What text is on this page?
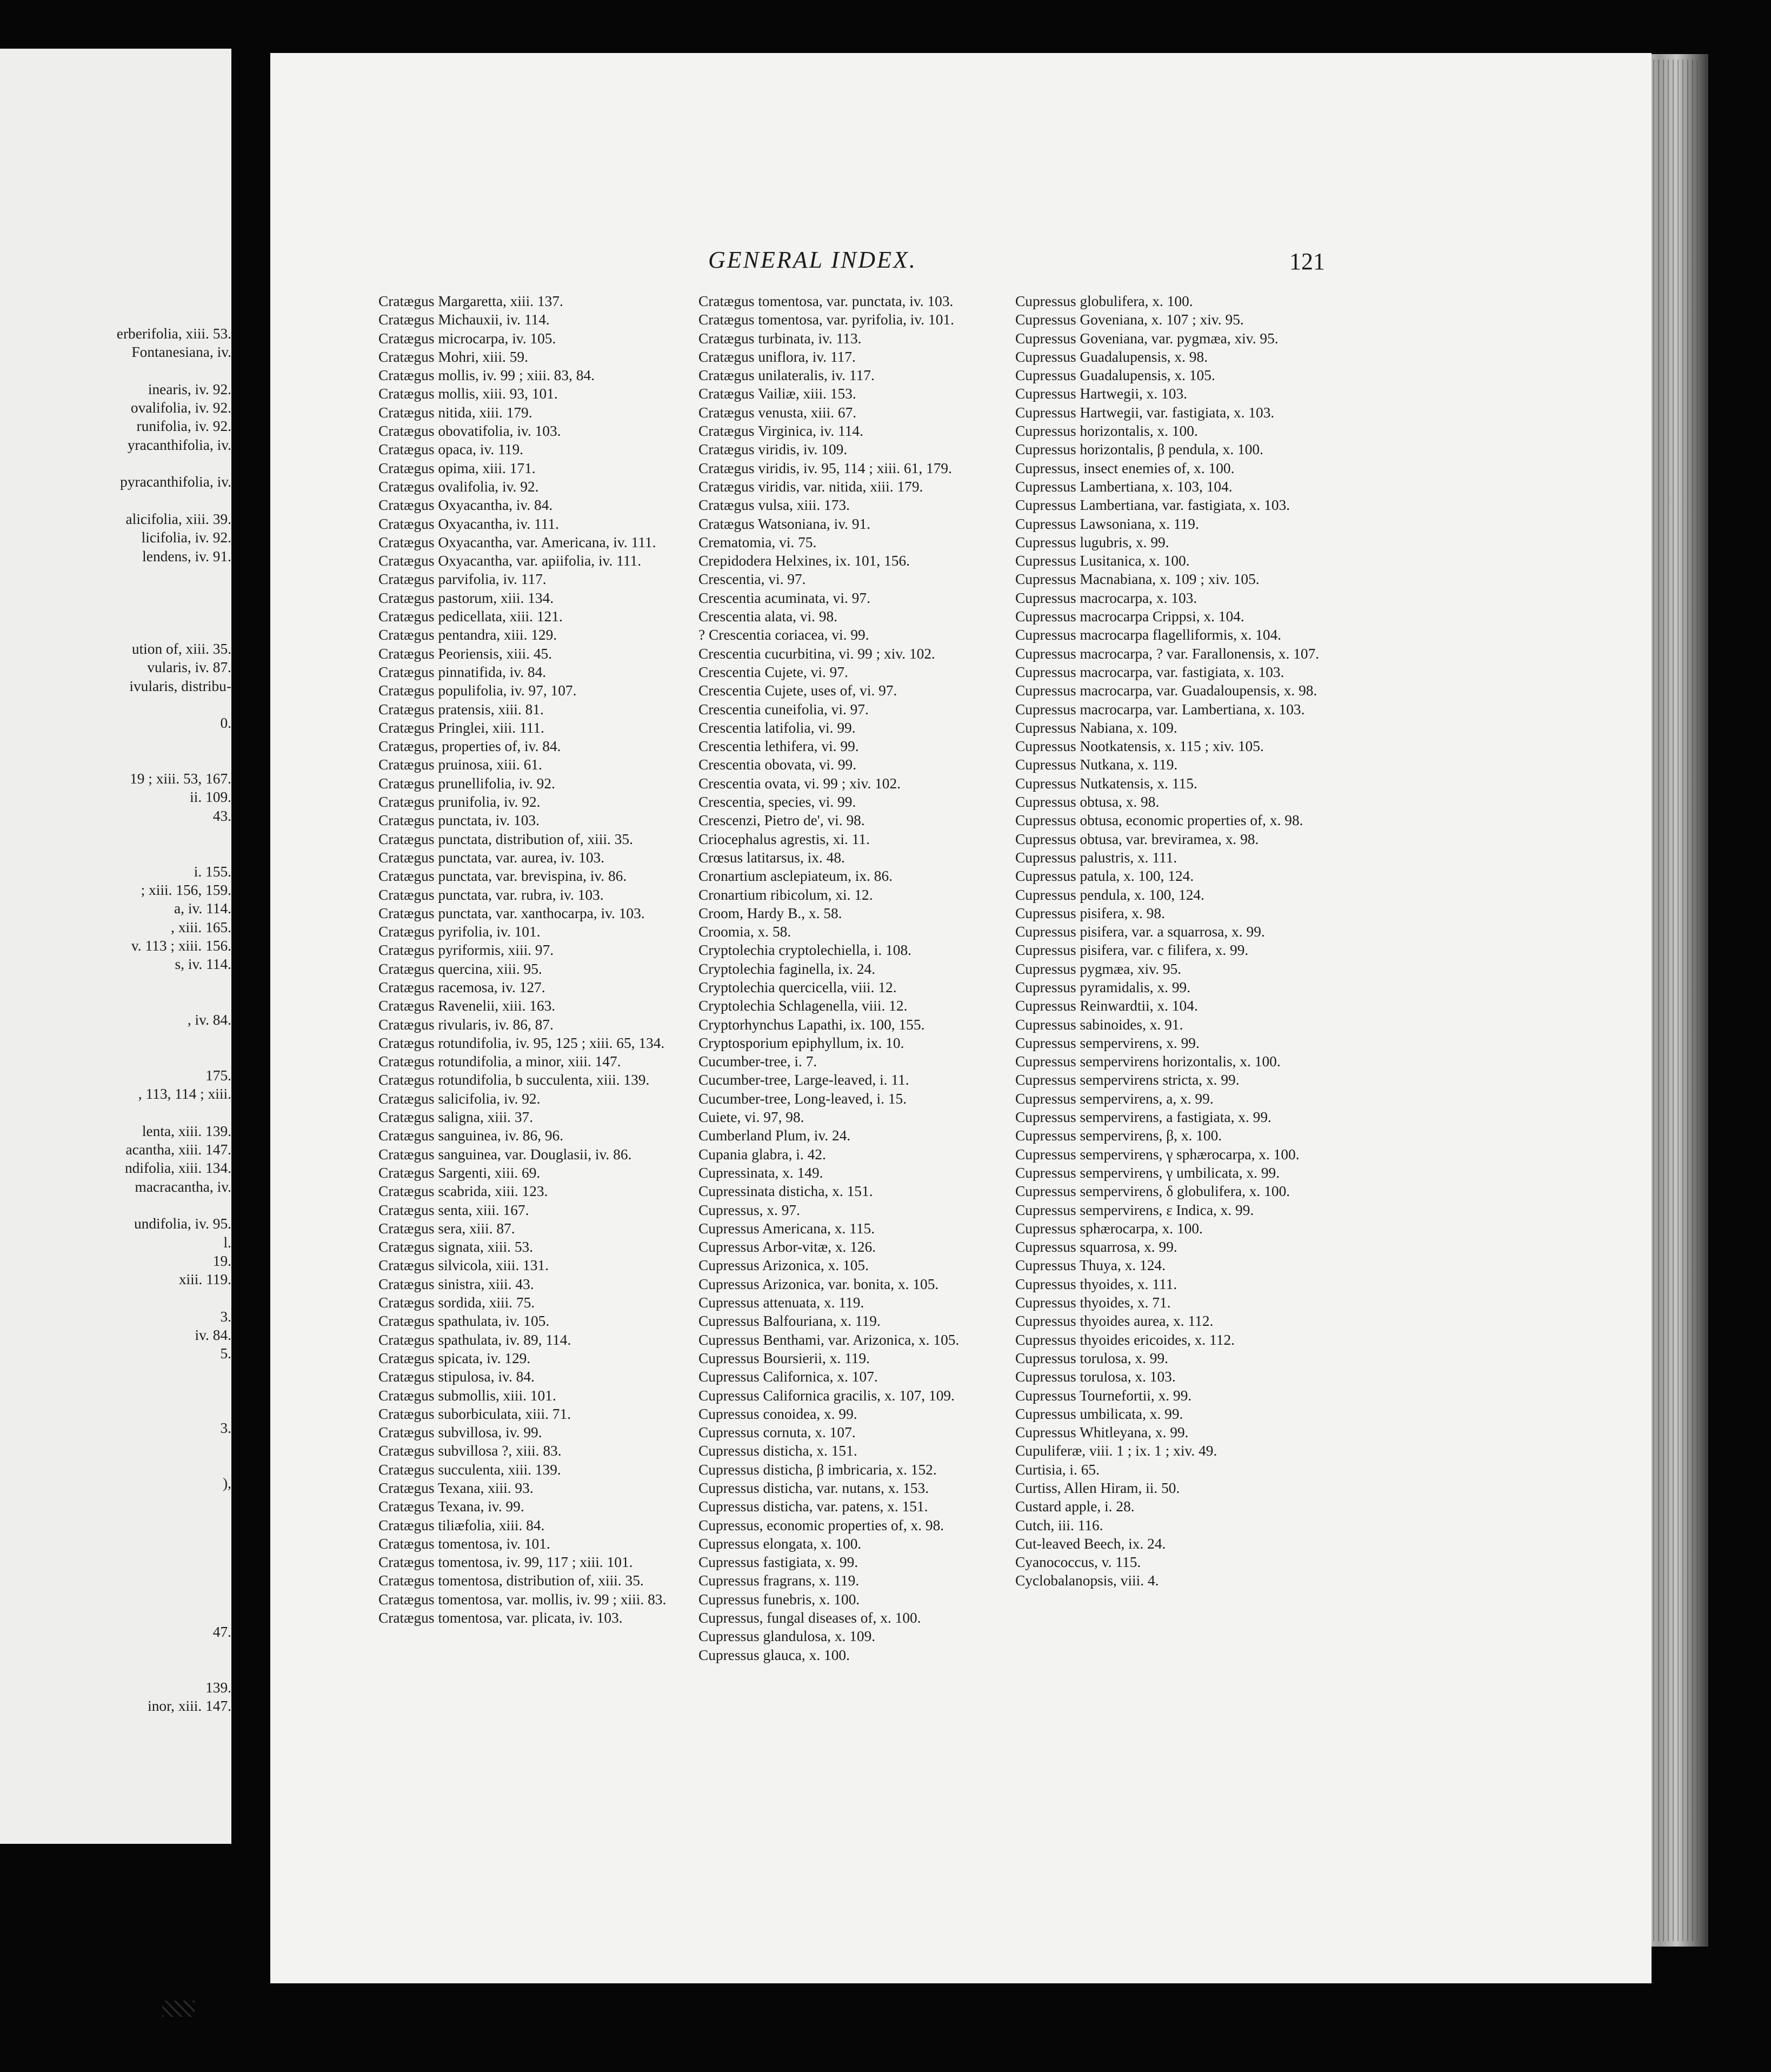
erberifolia, xiii. 53.
Fontanesiana, iv.
inearis, iv. 92.
ovalifolia, iv. 92.
runifolia, iv. 92.
yracanthifolia, iv.
pyracanthifolia, iv.
alicifolia, xiii. 39.
licifolia, iv. 92.
lendens, iv. 91.
ution of, xiii. 35.
vularis, iv. 87.
ivularis, distribu-
0.
19 ; xiii. 53, 167.
ii. 109.
43.
i. 155.
; xiii. 156, 159.
a, iv. 114.
, xiii. 165.
v. 113 ; xiii. 156.
s, iv. 114.
, iv. 84.
175.
, 113, 114 ; xiii.
lenta, xiii. 139.
acantha, xiii. 147.
ndifolia, xiii. 134.
macracantha, iv.
undifolia, iv. 95.
l.
19.
xiii. 119.
3.
iv. 84.
5.
3.
),
47.
139.
inor, xiii. 147.
GENERAL INDEX.	121
Cratægus Margaretta, xiii. 137.
Cratægus Michauxii, iv. 114.
Cratægus microcarpa, iv. 105.
Cratægus Mohri, xiii. 59.
Cratægus mollis, iv. 99 ; xiii. 83, 84.
Cratægus mollis, xiii. 93, 101.
Cratægus nitida, xiii. 179.
Cratægus obovatifolia, iv. 103.
Cratægus opaca, iv. 119.
Cratægus opima, xiii. 171.
Cratægus ovalifolia, iv. 92.
Cratægus Oxyacantha, iv. 84.
Cratægus Oxyacantha, iv. 111.
Cratægus Oxyacantha, var. Americana, iv. 111.
Cratægus Oxyacantha, var. apiifolia, iv. 111.
Cratægus parvifolia, iv. 117.
Cratægus pastorum, xiii. 134.
Cratægus pedicellata, xiii. 121.
Cratægus pentandra, xiii. 129.
Cratægus Peoriensis, xiii. 45.
Cratægus pinnatifida, iv. 84.
Cratægus populifolia, iv. 97, 107.
Cratægus pratensis, xiii. 81.
Cratægus Pringlei, xiii. 111.
Cratægus, properties of, iv. 84.
Cratægus pruinosa, xiii. 61.
Cratægus prunellifolia, iv. 92.
Cratægus prunifolia, iv. 92.
Cratægus punctata, iv. 103.
Cratægus punctata, distribution of, xiii. 35.
Cratægus punctata, var. aurea, iv. 103.
Cratægus punctata, var. brevispina, iv. 86.
Cratægus punctata, var. rubra, iv. 103.
Cratægus punctata, var. xanthocarpa, iv. 103.
Cratægus pyrifolia, iv. 101.
Cratægus pyriformis, xiii. 97.
Cratægus quercina, xiii. 95.
Cratægus racemosa, iv. 127.
Cratægus Ravenelii, xiii. 163.
Cratægus rivularis, iv. 86, 87.
Cratægus rotundifolia, iv. 95, 125 ; xiii. 65, 134.
Cratægus rotundifolia, a minor, xiii. 147.
Cratægus rotundifolia, b succulenta, xiii. 139.
Cratægus salicifolia, iv. 92.
Cratægus saligna, xiii. 37.
Cratægus sanguinea, iv. 86, 96.
Cratægus sanguinea, var. Douglasii, iv. 86.
Cratægus Sargenti, xiii. 69.
Cratægus scabrida, xiii. 123.
Cratægus senta, xiii. 167.
Cratægus sera, xiii. 87.
Cratægus signata, xiii. 53.
Cratægus silvicola, xiii. 131.
Cratægus sinistra, xiii. 43.
Cratægus sordida, xiii. 75.
Cratægus spathulata, iv. 105.
Cratægus spathulata, iv. 89, 114.
Cratægus spicata, iv. 129.
Cratægus stipulosa, iv. 84.
Cratægus submollis, xiii. 101.
Cratægus suborbiculata, xiii. 71.
Cratægus subvillosa, iv. 99.
Cratægus subvillosa ?, xiii. 83.
Cratægus succulenta, xiii. 139.
Cratægus Texana, xiii. 93.
Cratægus Texana, iv. 99.
Cratægus tiliæfolia, xiii. 84.
Cratægus tomentosa, iv. 101.
Cratægus tomentosa, iv. 99, 117 ; xiii. 101.
Cratægus tomentosa, distribution of, xiii. 35.
Cratægus tomentosa, var. mollis, iv. 99 ; xiii. 83.
Cratægus tomentosa, var. plicata, iv. 103.
Cratægus tomentosa, var. punctata, iv. 103.
Cratægus tomentosa, var. pyrifolia, iv. 101.
Cratægus turbinata, iv. 113.
Cratægus uniflora, iv. 117.
Cratægus unilateralis, iv. 117.
Cratægus Vailiæ, xiii. 153.
Cratægus venusta, xiii. 67.
Cratægus Virginica, iv. 114.
Cratægus viridis, iv. 109.
Cratægus viridis, iv. 95, 114 ; xiii. 61, 179.
Cratægus viridis, var. nitida, xiii. 179.
Cratægus vulsa, xiii. 173.
Cratægus Watsoniana, iv. 91.
Crematomia, vi. 75.
Crepidodera Helxines, ix. 101, 156.
Crescentia, vi. 97.
Crescentia acuminata, vi. 97.
Crescentia alata, vi. 98.
? Crescentia coriacea, vi. 99.
Crescentia cucurbitina, vi. 99 ; xiv. 102.
Crescentia Cujete, vi. 97.
Crescentia Cujete, uses of, vi. 97.
Crescentia cuneifolia, vi. 97.
Crescentia latifolia, vi. 99.
Crescentia lethifera, vi. 99.
Crescentia obovata, vi. 99.
Crescentia ovata, vi. 99 ; xiv. 102.
Crescentia, species, vi. 99.
Crescenzi, Pietro de', vi. 98.
Criocephalus agrestis, xi. 11.
Crœsus latitarsus, ix. 48.
Cronartium asclepiateum, ix. 86.
Cronartium ribicolum, xi. 12.
Croom, Hardy B., x. 58.
Croomia, x. 58.
Cryptolechia cryptolechiella, i. 108.
Cryptolechia faginella, ix. 24.
Cryptolechia quercicella, viii. 12.
Cryptolechia Schlagenella, viii. 12.
Cryptorhynchus Lapathi, ix. 100, 155.
Cryptosporium epiphyllum, ix. 10.
Cucumber-tree, i. 7.
Cucumber-tree, Large-leaved, i. 11.
Cucumber-tree, Long-leaved, i. 15.
Cuiete, vi. 97, 98.
Cumberland Plum, iv. 24.
Cupania glabra, i. 42.
Cupressinata, x. 149.
Cupressinata disticha, x. 151.
Cupressus, x. 97.
Cupressus Americana, x. 115.
Cupressus Arbor-vitæ, x. 126.
Cupressus Arizonica, x. 105.
Cupressus Arizonica, var. bonita, x. 105.
Cupressus attenuata, x. 119.
Cupressus Balfouriana, x. 119.
Cupressus Benthami, var. Arizonica, x. 105.
Cupressus Boursierii, x. 119.
Cupressus Californica, x. 107.
Cupressus Californica gracilis, x. 107, 109.
Cupressus conoidea, x. 99.
Cupressus cornuta, x. 107.
Cupressus disticha, x. 151.
Cupressus disticha, β imbricaria, x. 152.
Cupressus disticha, var. nutans, x. 153.
Cupressus disticha, var. patens, x. 151.
Cupressus, economic properties of, x. 98.
Cupressus elongata, x. 100.
Cupressus fastigiata, x. 99.
Cupressus fragrans, x. 119.
Cupressus funebris, x. 100.
Cupressus, fungal diseases of, x. 100.
Cupressus glandulosa, x. 109.
Cupressus glauca, x. 100.
Cupressus globulifera, x. 100.
Cupressus Goveniana, x. 107 ; xiv. 95.
Cupressus Goveniana, var. pygmæa, xiv. 95.
Cupressus Guadalupensis, x. 98.
Cupressus Guadalupensis, x. 105.
Cupressus Hartwegii, x. 103.
Cupressus Hartwegii, var. fastigiata, x. 103.
Cupressus horizontalis, x. 100.
Cupressus horizontalis, β pendula, x. 100.
Cupressus, insect enemies of, x. 100.
Cupressus Lambertiana, x. 103, 104.
Cupressus Lambertiana, var. fastigiata, x. 103.
Cupressus Lawsoniana, x. 119.
Cupressus lugubris, x. 99.
Cupressus Lusitanica, x. 100.
Cupressus Macnabiana, x. 109 ; xiv. 105.
Cupressus macrocarpa, x. 103.
Cupressus macrocarpa Crippsi, x. 104.
Cupressus macrocarpa flagelliformis, x. 104.
Cupressus macrocarpa, ? var. Farallonensis, x. 107.
Cupressus macrocarpa, var. fastigiata, x. 103.
Cupressus macrocarpa, var. Guadaloupensis, x. 98.
Cupressus macrocarpa, var. Lambertiana, x. 103.
Cupressus Nabiana, x. 109.
Cupressus Nootkatensis, x. 115 ; xiv. 105.
Cupressus Nutkana, x. 119.
Cupressus Nutkatensis, x. 115.
Cupressus obtusa, x. 98.
Cupressus obtusa, economic properties of, x. 98.
Cupressus obtusa, var. breviramea, x. 98.
Cupressus palustris, x. 111.
Cupressus patula, x. 100, 124.
Cupressus pendula, x. 100, 124.
Cupressus pisifera, x. 98.
Cupressus pisifera, var. a squarrosa, x. 99.
Cupressus pisifera, var. c filifera, x. 99.
Cupressus pygmæa, xiv. 95.
Cupressus pyramidalis, x. 99.
Cupressus Reinwardtii, x. 104.
Cupressus sabinoides, x. 91.
Cupressus sempervirens, x. 99.
Cupressus sempervirens horizontalis, x. 100.
Cupressus sempervirens stricta, x. 99.
Cupressus sempervirens, a, x. 99.
Cupressus sempervirens, a fastigiata, x. 99.
Cupressus sempervirens, β, x. 100.
Cupressus sempervirens, γ sphærocarpa, x. 100.
Cupressus sempervirens, γ umbilicata, x. 99.
Cupressus sempervirens, δ globulifera, x. 100.
Cupressus sempervirens, ε Indica, x. 99.
Cupressus sphærocarpa, x. 100.
Cupressus squarrosa, x. 99.
Cupressus Thuya, x. 124.
Cupressus thyoides, x. 111.
Cupressus thyoides, x. 71.
Cupressus thyoides aurea, x. 112.
Cupressus thyoides ericoides, x. 112.
Cupressus torulosa, x. 99.
Cupressus torulosa, x. 103.
Cupressus Tournefortii, x. 99.
Cupressus umbilicata, x. 99.
Cupressus Whitleyana, x. 99.
Cupuliferæ, viii. 1 ; ix. 1 ; xiv. 49.
Curtisia, i. 65.
Curtiss, Allen Hiram, ii. 50.
Custard apple, i. 28.
Cutch, iii. 116.
Cut-leaved Beech, ix. 24.
Cyanococcus, v. 115.
Cyclobalanopsis, viii. 4.
